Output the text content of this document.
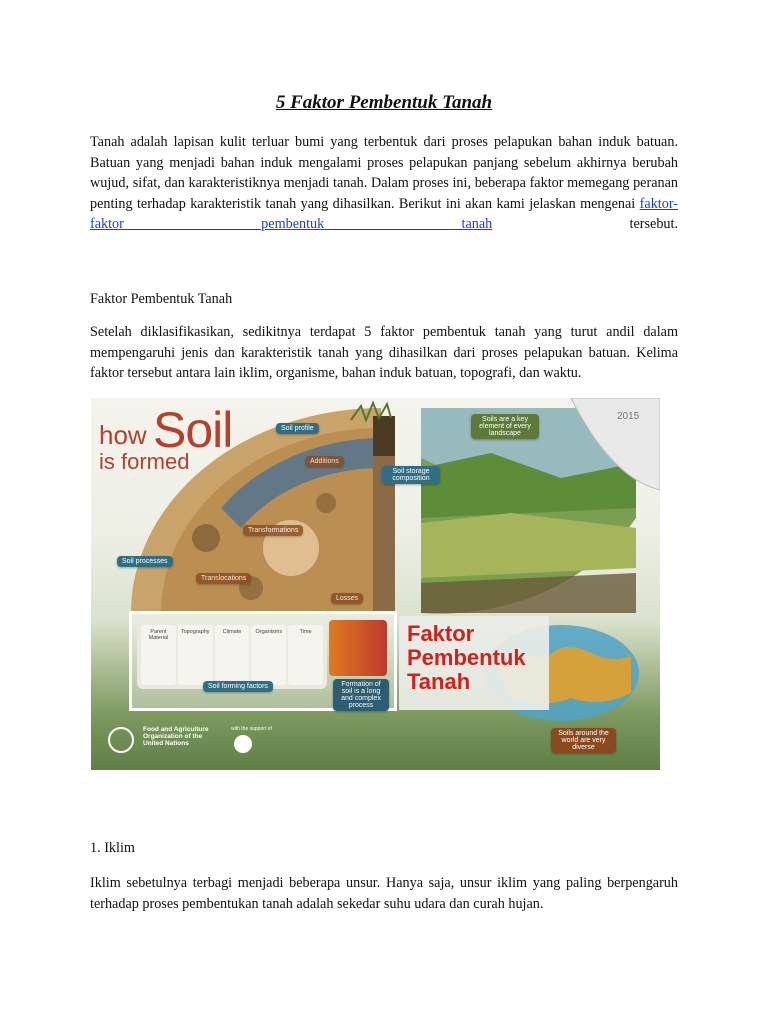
5 Faktor Pembentuk Tanah

Tanah adalah lapisan kulit terluar bumi yang terbentuk dari proses pelapukan bahan induk batuan. Batuan yang menjadi bahan induk mengalami proses pelapukan panjang sebelum akhirnya berubah wujud, sifat, dan karakteristiknya menjadi tanah. Dalam proses ini, beberapa faktor memegang peranan penting terhadap karakteristik tanah yang dihasilkan. Berikut ini akan kami jelaskan mengenai faktor-faktor pembentuk tanah	tersebut.

Faktor Pembentuk Tanah

Setelah diklasifikasikan, sedikitnya terdapat 5 faktor pembentuk tanah yang turut andil dalam mempengaruhi jenis dan karakteristik tanah yang dihasilkan dari proses pelapukan batuan. Kelima faktor tersebut antara lain iklim, organisme, bahan induk batuan, topografi, dan waktu.

how Soil
is formed
Soil profile
Soil storage composition
Soil processes
Transformations
Translocations
Losses
Additions
Soils are a key element of every landscape
Soils around the world are very diverse
Parent Material
Topography	Climate	Organisms	Time
Soil forming factors	Formation of soil is a long and complex process
Faktor
Pembentuk
Tanah
Food and Agriculture Organization of the United Nations
with the support of
2015

1. Iklim

Iklim sebetulnya terbagi menjadi beberapa unsur. Hanya saja, unsur iklim yang paling berpengaruh terhadap proses pembentukan tanah adalah sekedar suhu udara dan curah hujan.
